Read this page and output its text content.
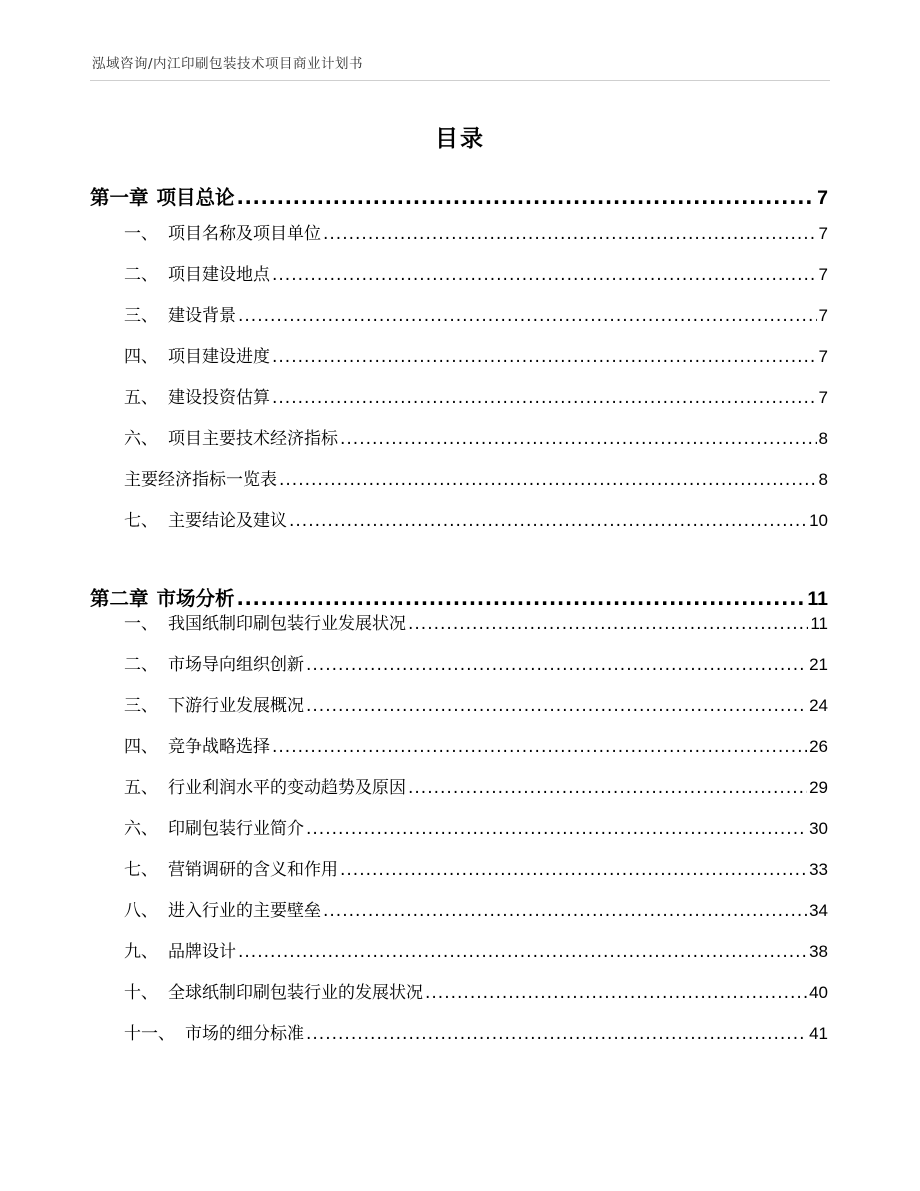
泓域咨询/内江印刷包装技术项目商业计划书
目录
第一章 项目总论 .....	7
一、 项目名称及项目单位 .....	7
二、 项目建设地点 .....	7
三、 建设背景 .....	7
四、 项目建设进度 .....	7
五、 建设投资估算 .....	7
六、 项目主要技术经济指标 .....	8
主要经济指标一览表 .....	8
七、 主要结论及建议 .....	10
第二章 市场分析 .....	11
一、 我国纸制印刷包装行业发展状况 .....	11
二、 市场导向组织创新 .....	21
三、 下游行业发展概况 .....	24
四、 竞争战略选择 .....	26
五、 行业利润水平的变动趋势及原因 .....	29
六、 印刷包装行业简介 .....	30
七、 营销调研的含义和作用 .....	33
八、 进入行业的主要壁垒 .....	34
九、 品牌设计 .....	38
十、 全球纸制印刷包装行业的发展状况 .....	40
十一、 市场的细分标准 .....	41
